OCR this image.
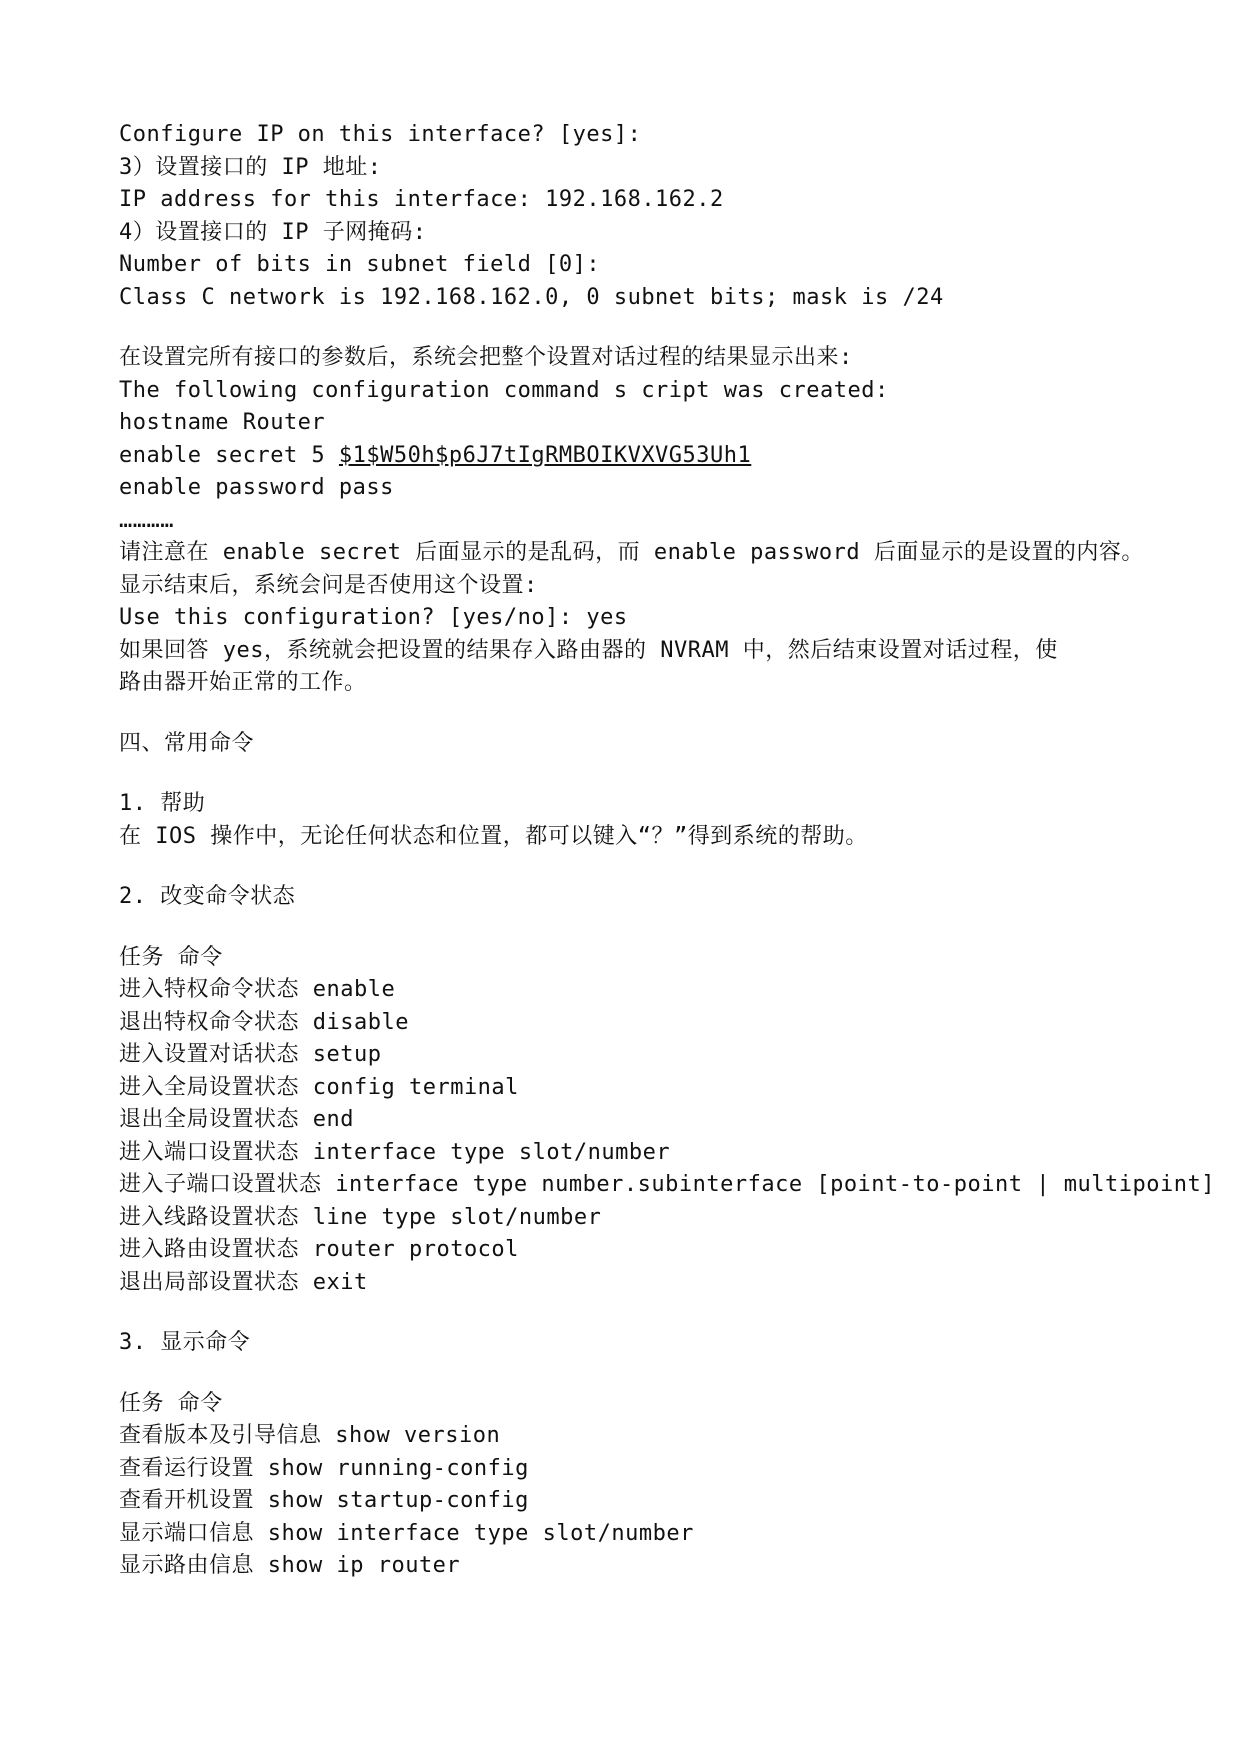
Configure IP on this interface? [yes]:
3）设置接口的 IP 地址:
IP address for this interface: 192.168.162.2
4）设置接口的 IP 子网掩码:
Number of bits in subnet field [0]:
Class C network is 192.168.162.0, 0 subnet bits; mask is /24
在设置完所有接口的参数后，系统会把整个设置对话过程的结果显示出来:
The following configuration command s cript was created:
hostname Router
enable secret 5 $1$W50h$p6J7tIgRMBOIKVXVG53Uh1
enable password pass
…………
请注意在 enable secret 后面显示的是乱码，而 enable password 后面显示的是设置的内容。
显示结束后，系统会问是否使用这个设置:
Use this configuration? [yes/no]: yes
如果回答 yes，系统就会把设置的结果存入路由器的 NVRAM 中，然后结束设置对话过程，使
路由器开始正常的工作。
四、常用命令
1. 帮助
在 IOS 操作中，无论任何状态和位置，都可以键入“？”得到系统的帮助。
2. 改变命令状态
任务 命令
进入特权命令状态 enable
退出特权命令状态 disable
进入设置对话状态 setup
进入全局设置状态 config terminal
退出全局设置状态 end
进入端口设置状态 interface type slot/number
进入子端口设置状态 interface type number.subinterface [point-to-point | multipoint]
进入线路设置状态 line type slot/number
进入路由设置状态 router protocol
退出局部设置状态 exit
3. 显示命令
任务 命令
查看版本及引导信息 show version
查看运行设置 show running-config
查看开机设置 show startup-config
显示端口信息 show interface type slot/number
显示路由信息 show ip router
